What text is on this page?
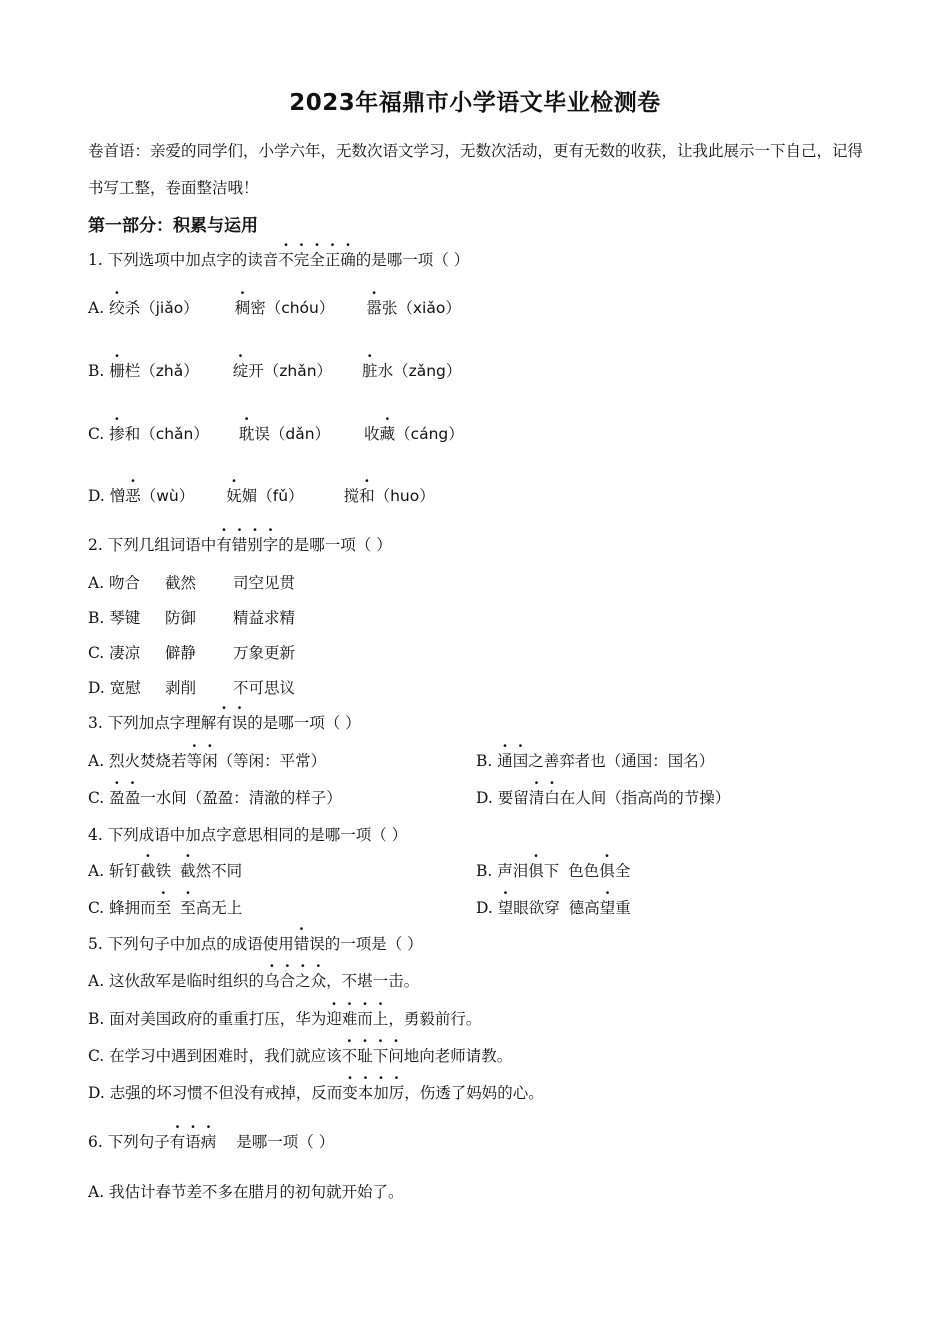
2023年福鼎市小学语文毕业检测卷
卷首语：亲爱的同学们，小学六年，无数次语文学习，无数次活动，更有无数的收获，让我此展示一下自己，记得书写工整，卷面整洁哦！
第一部分：积累与运用
1. 下列选项中加点字的读音不完全正确的是哪一项（ ）
A. 绞杀（jiǎo） 稠密（chóu） 嚣张（xiǎo）
B. 栅栏（zhǎ） 绽开（zhǎn） 脏水（zǎng）
C. 掺和（chǎn） 耽误（dǎn） 收藏（cáng）
D. 憎恶（wù） 妩媚（fǔ）	搅和（huo）
2. 下列几组词语中有错别字的是哪一项（ ）
A. 吻合 截然 司空见贯
B. 琴键 防御 精益求精
C. 凄凉 僻静 万象更新
D. 宽慰 剥削 不可思议
3. 下列加点字理解有误的是哪一项（ ）
A. 烈火焚烧若等闲（等闲：平常）	B. 通国之善弈者也（通国：国名）
C. 盈盈一水间（盈盈：清澈的样子）	D. 要留清白在人间（指高尚的节操）
4. 下列成语中加点字意思相同的是哪一项（ ）
A. 斩钉截铁 截然不同	B. 声泪俱下 色色俱全
C. 蜂拥而至 至高无上	D. 望眼欲穿 德高望重
5. 下列句子中加点的成语使用错误的一项是（ ）
A. 这伙敌军是临时组织的乌合之众，不堪一击。
B. 面对美国政府的重重打压，华为迎难而上，勇毅前行。
C. 在学习中遇到困难时，我们就应该不耻下问地向老师请教。
D. 志强的坏习惯不但没有戒掉，反而变本加厉，伤透了妈妈的心。
6. 下列句子有语病 是哪一项（ ）
A. 我估计春节差不多在腊月的初旬就开始了。
